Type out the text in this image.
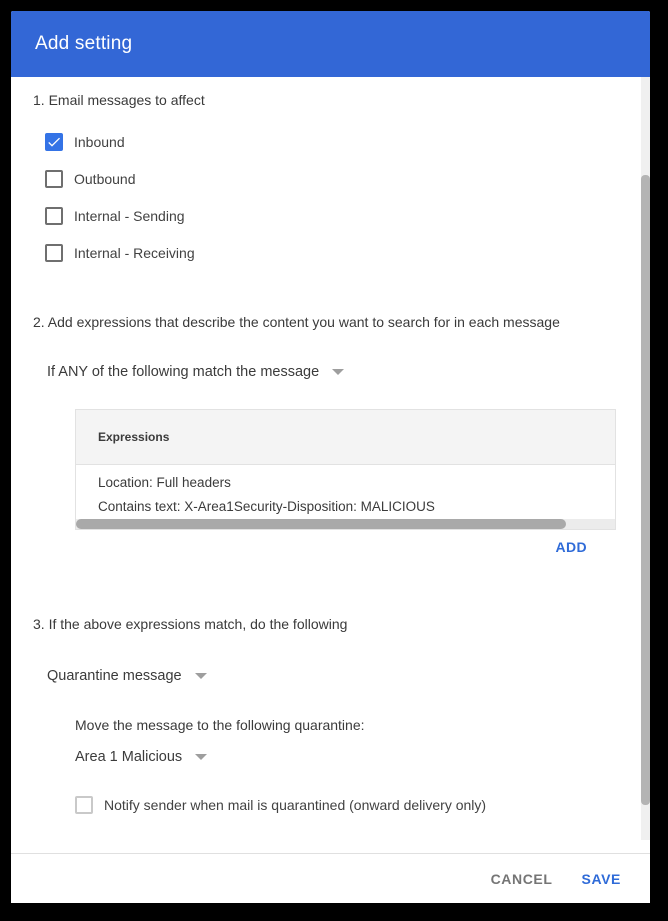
Add setting
1. Email messages to affect
Inbound
Outbound
Internal - Sending
Internal - Receiving
2. Add expressions that describe the content you want to search for in each message
If ANY of the following match the message
Expressions
Location: Full headers
Contains text: X-Area1Security-Disposition: MALICIOUS
ADD
3. If the above expressions match, do the following
Quarantine message
Move the message to the following quarantine:
Area 1 Malicious
Notify sender when mail is quarantined (onward delivery only)
CANCEL SAVE
